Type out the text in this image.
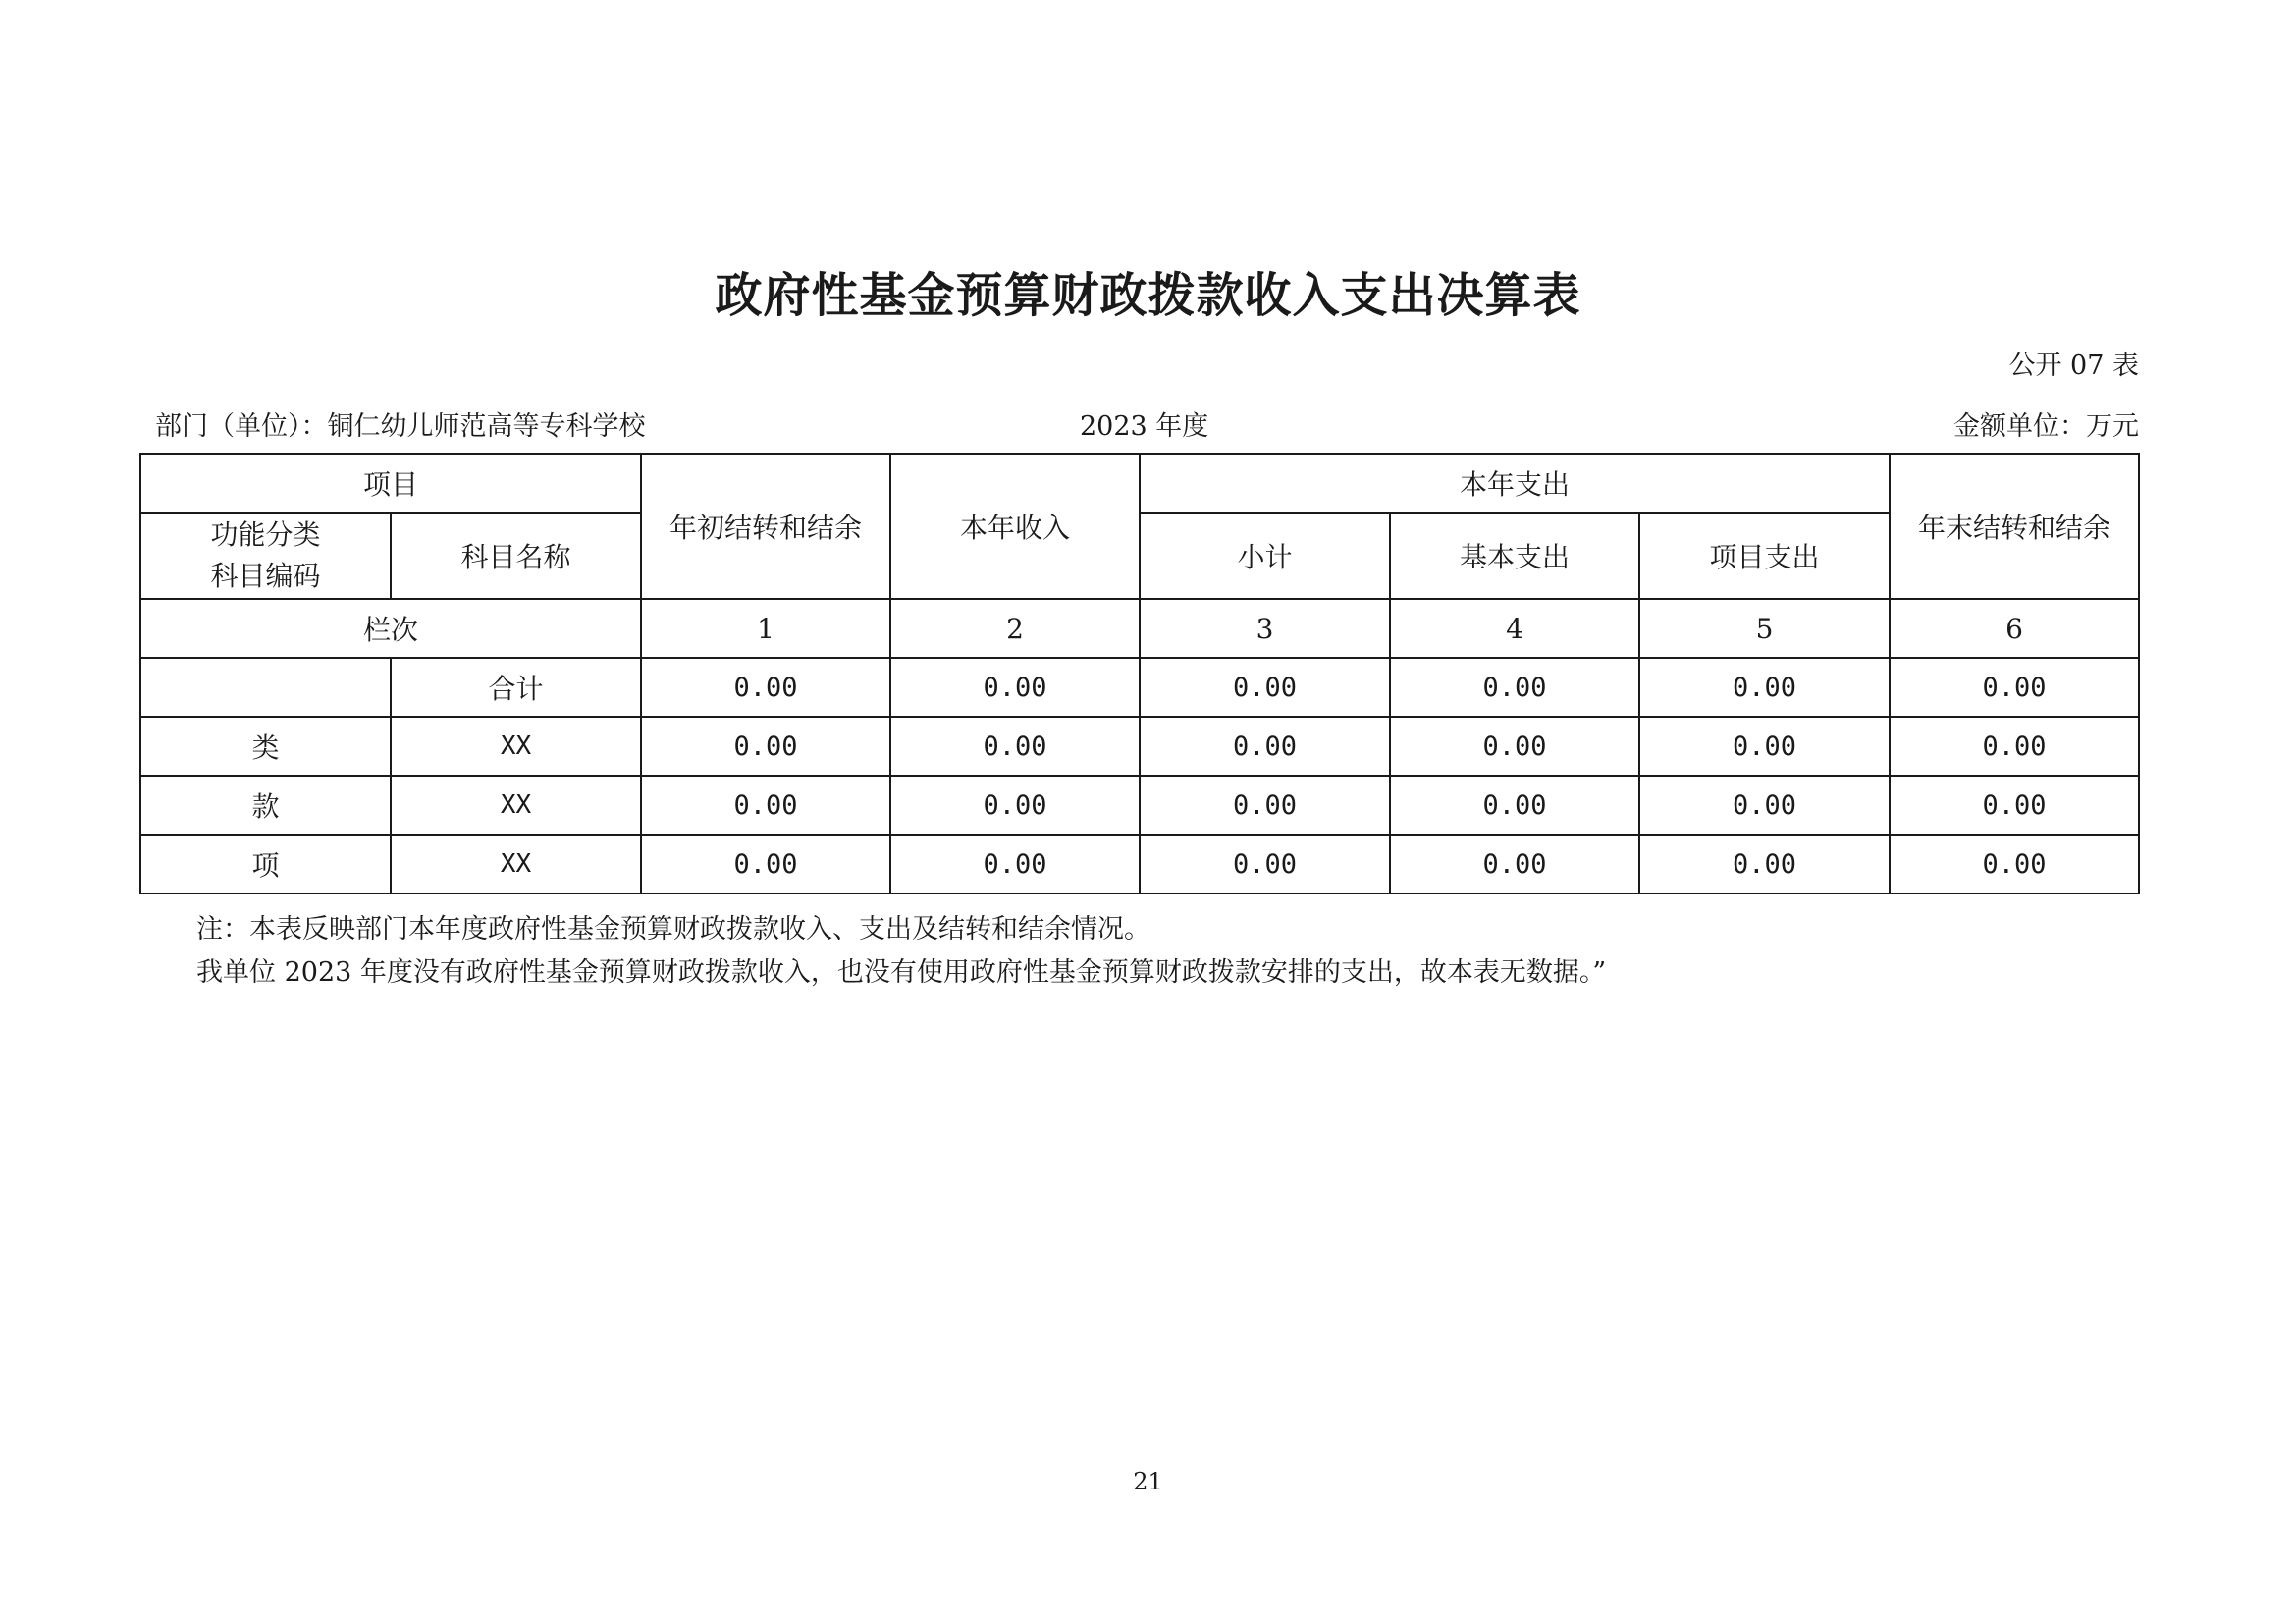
政府性基金预算财政拨款收入支出决算表
公开 07 表
部门（单位）：铜仁幼儿师范高等专科学校	2023 年度	金额单位：万元
项目		年初结转和结余	本年收入	本年支出			年末结转和结余

功能分类
科目编码	科目名称			小计	基本支出	项目支出	
栏次		1	2	3	4	5	6
	合计	0.00	0.00	0.00	0.00	0.00	0.00
类	XX	0.00	0.00	0.00	0.00	0.00	0.00
款	XX	0.00	0.00	0.00	0.00	0.00	0.00
项	XX	0.00	0.00	0.00	0.00	0.00	0.00
注：本表反映部门本年度政府性基金预算财政拨款收入、支出及结转和结余情况。
我单位 2023 年度没有政府性基金预算财政拨款收入，也没有使用政府性基金预算财政拨款安排的支出，故本表无数据。”
21
